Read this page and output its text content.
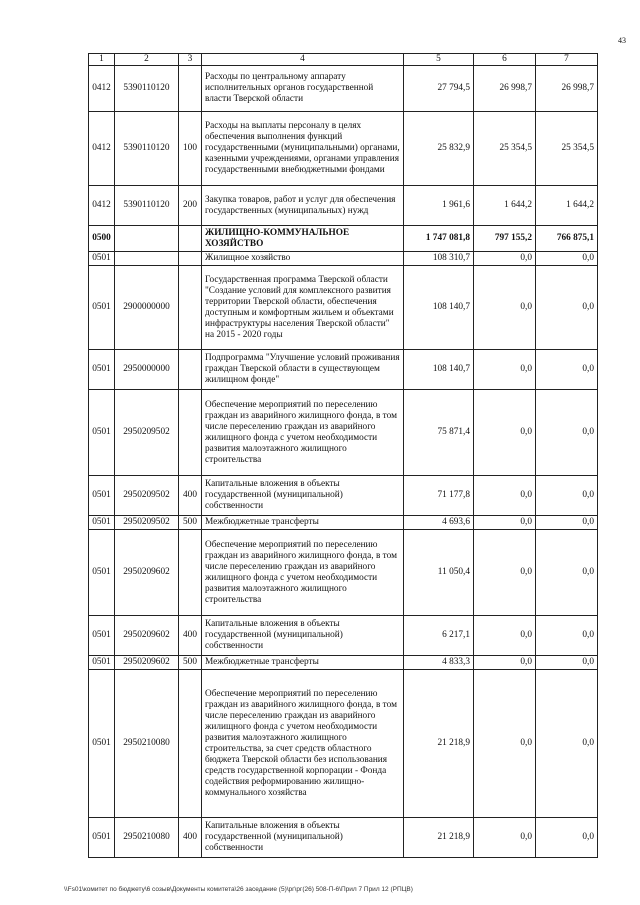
43
1	2	3	4	5	6	7
0412	5390110120		Расходы по центральному аппарату исполнительных органов государственной власти Тверской области	27 794,5	26 998,7	26 998,7
0412	5390110120	100	Расходы на выплаты персоналу в целях обеспечения выполнения функций государственными (муниципальными) органами, казенными учреждениями, органами управления государственными внебюджетными фондами	25 832,9	25 354,5	25 354,5
0412	5390110120	200	Закупка товаров, работ и услуг для обеспечения государственных (муниципальных) нужд	1 961,6	1 644,2	1 644,2
0500			ЖИЛИЩНО-КОММУНАЛЬНОЕ ХОЗЯЙСТВО	1 747 081,8	797 155,2	766 875,1
0501			Жилищное хозяйство	108 310,7	0,0	0,0
0501	2900000000		Государственная программа Тверской области "Создание условий для комплексного развития территории Тверской области, обеспечения доступным и комфортным жильем и объектами инфраструктуры населения Тверской области" на 2015 - 2020 годы	108 140,7	0,0	0,0
0501	2950000000		Подпрограмма "Улучшение условий проживания граждан Тверской области в существующем жилищном фонде"	108 140,7	0,0	0,0
0501	2950209502		Обеспечение мероприятий по переселению граждан из аварийного жилищного фонда, в том числе переселению граждан из аварийного жилищного фонда с учетом необходимости развития малоэтажного жилищного строительства	75 871,4	0,0	0,0
0501	2950209502	400	Капитальные вложения в объекты государственной (муниципальной) собственности	71 177,8	0,0	0,0
0501	2950209502	500	Межбюджетные трансферты	4 693,6	0,0	0,0
0501	2950209602		Обеспечение мероприятий по переселению граждан из аварийного жилищного фонда, в том числе переселению граждан из аварийного жилищного фонда с учетом необходимости развития малоэтажного жилищного строительства	11 050,4	0,0	0,0
0501	2950209602	400	Капитальные вложения в объекты государственной (муниципальной) собственности	6 217,1	0,0	0,0
0501	2950209602	500	Межбюджетные трансферты	4 833,3	0,0	0,0
0501	2950210080		Обеспечение мероприятий по переселению граждан из аварийного жилищного фонда, в том числе переселению граждан из аварийного жилищного фонда с учетом необходимости развития малоэтажного жилищного строительства, за счет средств областного бюджета Тверской области без использования средств государственной корпорации - Фонда содействия реформированию жилищно-коммунального хозяйства	21 218,9	0,0	0,0
0501	2950210080	400	Капитальные вложения в объекты государственной (муниципальной) собственности	21 218,9	0,0	0,0
\\Fs01\комитет по бюджету\6 созыв\Документы комитета\26 заседание (5)\рг\рг(26) 508-П-6\Прил 7 Прил 12 (РПЦВ)
